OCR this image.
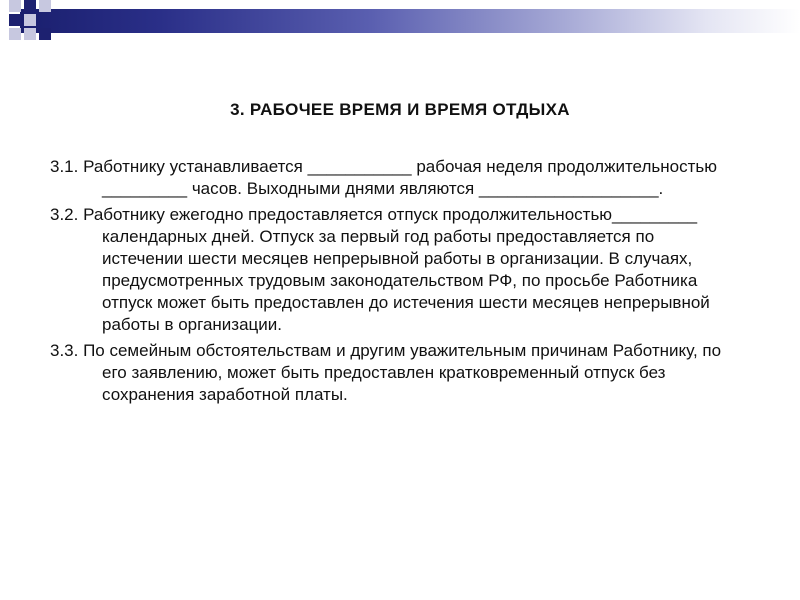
3. РАБОЧЕЕ ВРЕМЯ И ВРЕМЯ ОТДЫХА

3.1. Работнику устанавливается ___________ рабочая неделя продолжительностью _________ часов. Выходными днями являются ___________________.

3.2. Работнику ежегодно предоставляется отпуск продолжительностью_________ календарных дней. Отпуск за первый год работы предоставляется по истечении шести месяцев непрерывной работы в организации. В случаях, предусмотренных трудовым законодательством РФ, по просьбе Работника отпуск может быть предоставлен до истечения шести месяцев непрерывной работы в организации.

3.3. По семейным обстоятельствам и другим уважительным причинам Работнику, по его заявлению, может быть предоставлен кратковременный отпуск без сохранения заработной платы.
